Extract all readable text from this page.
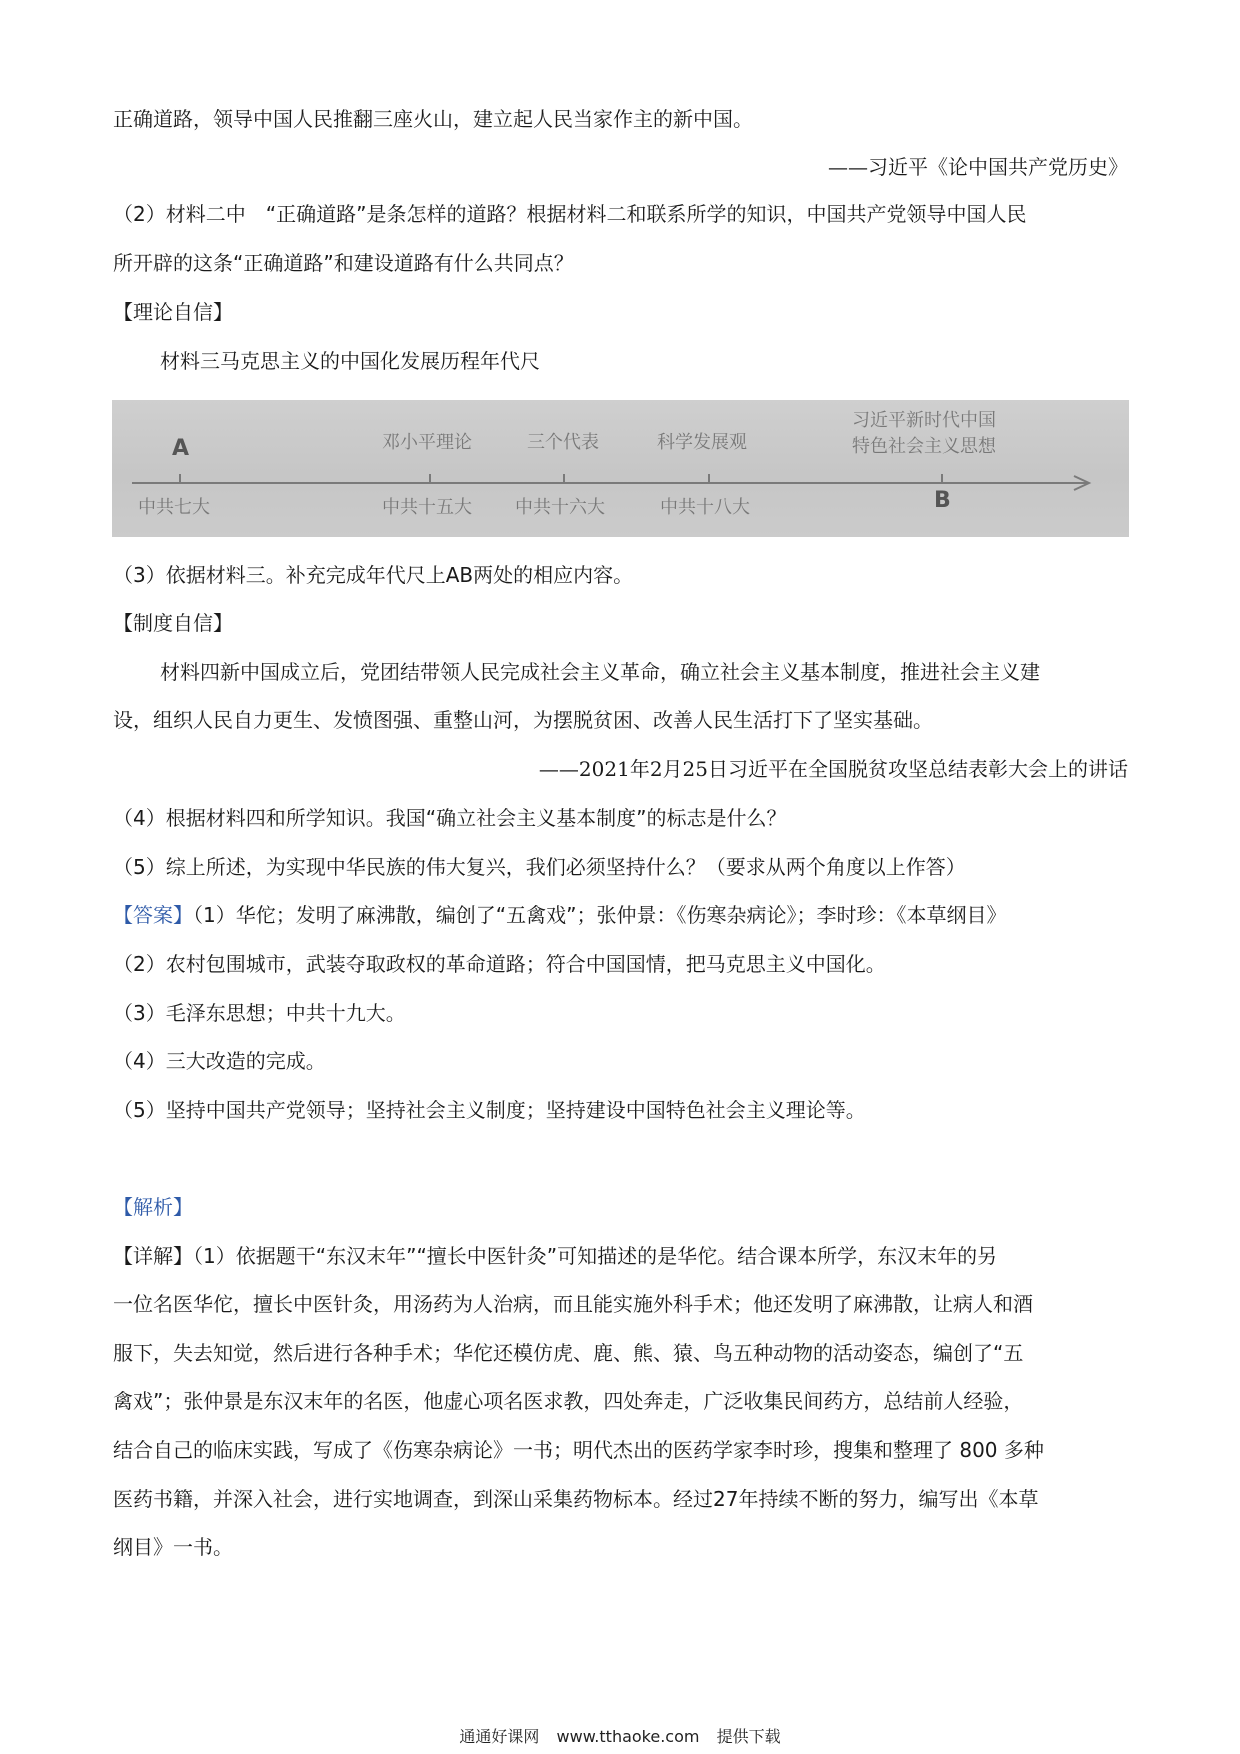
正确道路，领导中国人民推翻三座火山，建立起人民当家作主的新中国。
——习近平《论中国共产党历史》
（2）材料二中　“正确道路”是条怎样的道路？根据材料二和联系所学的知识，中国共产党领导中国人民
所开辟的这条“正确道路”和建设道路有什么共同点？
【理论自信】
材料三马克思主义的中国化发展历程年代尺
A	邓小平理论	三个代表	科学发展观
习近平新时代中国
特色社会主义思想
中共七大	中共十五大 中共十六大	中共十八大	B
（3）依据材料三。补充完成年代尺上AB两处的相应内容。
【制度自信】
材料四新中国成立后，党团结带领人民完成社会主义革命，确立社会主义基本制度，推进社会主义建
设，组织人民自力更生、发愤图强、重整山河，为摆脱贫困、改善人民生活打下了坚实基础。
——2021年2月25日习近平在全国脱贫攻坚总结表彰大会上的讲话
（4）根据材料四和所学知识。我国“确立社会主义基本制度”的标志是什么？
（5）综上所述，为实现中华民族的伟大复兴，我们必须坚持什么？（要求从两个角度以上作答）
【答案】（1）华佗；发明了麻沸散，编创了“五禽戏”；张仲景：《伤寒杂病论》；李时珍：《本草纲目》
（2）农村包围城市，武装夺取政权的革命道路；符合中国国情，把马克思主义中国化。
（3）毛泽东思想；中共十九大。
（4）三大改造的完成。
（5）坚持中国共产党领导；坚持社会主义制度；坚持建设中国特色社会主义理论等。
【解析】
【详解】（1）依据题干“东汉末年”“擅长中医针灸”可知描述的是华佗。结合课本所学，东汉末年的另
一位名医华佗，擅长中医针灸，用汤药为人治病，而且能实施外科手术；他还发明了麻沸散，让病人和酒
服下，失去知觉，然后进行各种手术；华佗还模仿虎、鹿、熊、猿、鸟五种动物的活动姿态，编创了“五
禽戏”；张仲景是东汉末年的名医，他虚心项名医求教，四处奔走，广泛收集民间药方，总结前人经验，
结合自己的临床实践，写成了《伤寒杂病论》一书；明代杰出的医药学家李时珍，搜集和整理了 800 多种
医药书籍，并深入社会，进行实地调查，到深山采集药物标本。经过27年持续不断的努力，编写出《本草
纲目》一书。
通通好课网 www.tthaoke.com 提供下载
